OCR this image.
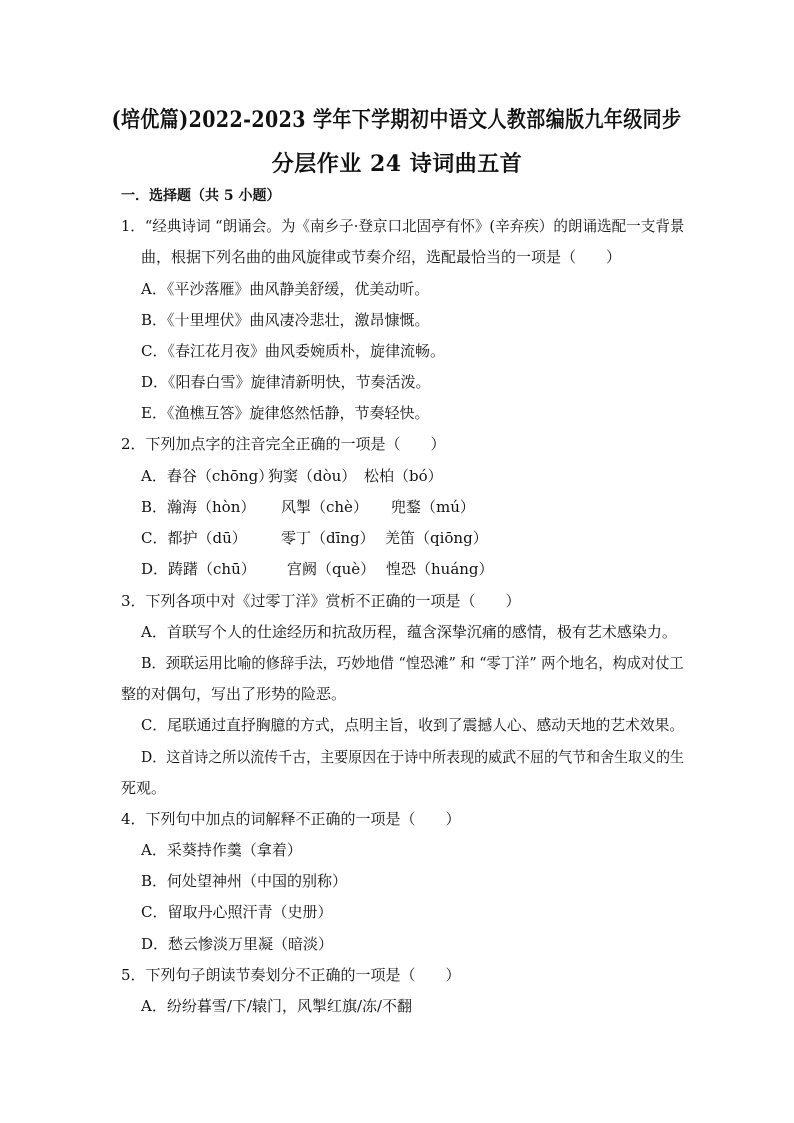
(培优篇)2022-2023 学年下学期初中语文人教部编版九年级同步
分层作业 24 诗词曲五首
一．选择题（共 5 小题）
1．“经典诗词 “朗诵会。为《南乡子·登京口北固亭有怀》(辛弃疾）的朗诵选配一支背景
曲，根据下列名曲的曲风旋律或节奏介绍，选配最恰当的一项是（　　）
A．《平沙落雁》曲风静美舒缓，优美动听。
B．《十里埋伏》曲风凄冷悲壮，激昂慷慨。
C．《春江花月夜》曲风委婉质朴，旋律流畅。
D．《阳春白雪》旋律清新明快，节奏活泼。
E．《渔樵互答》旋律悠然恬静，节奏轻快。
2．下列加点字的注音完全正确的一项是（　　）
A．舂谷（chōng）
狗窦（dòu） 松柏（bó）
B．瀚海（hòn） 风掣（chè） 兜鍪（mú）
C．都护（dū） 零丁（dīng） 羌笛（qiōng）
D．踌躇（chū） 宫阙（què） 惶恐（huáng）
3．下列各项中对《过零丁洋》赏析不正确的一项是（　　）
A．首联写个人的仕途经历和抗敌历程，蕴含深挚沉痛的感情，极有艺术感染力。
B．颈联运用比喻的修辞手法，巧妙地借 “惶恐滩” 和 “零丁洋” 两个地名，构成对仗工
整的对偶句，写出了形势的险恶。
C．尾联通过直抒胸臆的方式，点明主旨，收到了震撼人心、感动天地的艺术效果。
D．这首诗之所以流传千古，主要原因在于诗中所表现的威武不屈的气节和舍生取义的生
死观。
4．下列句中加点的词解释不正确的一项是（　　）
A．采葵持作羹（拿着）
B．何处望神州（中国的别称）
C．留取丹心照汗青（史册）
D．愁云惨淡万里凝（暗淡）
5．下列句子朗读节奏划分不正确的一项是（　　）
A．纷纷暮雪/下/辕门，风掣红旗/冻/不翻
